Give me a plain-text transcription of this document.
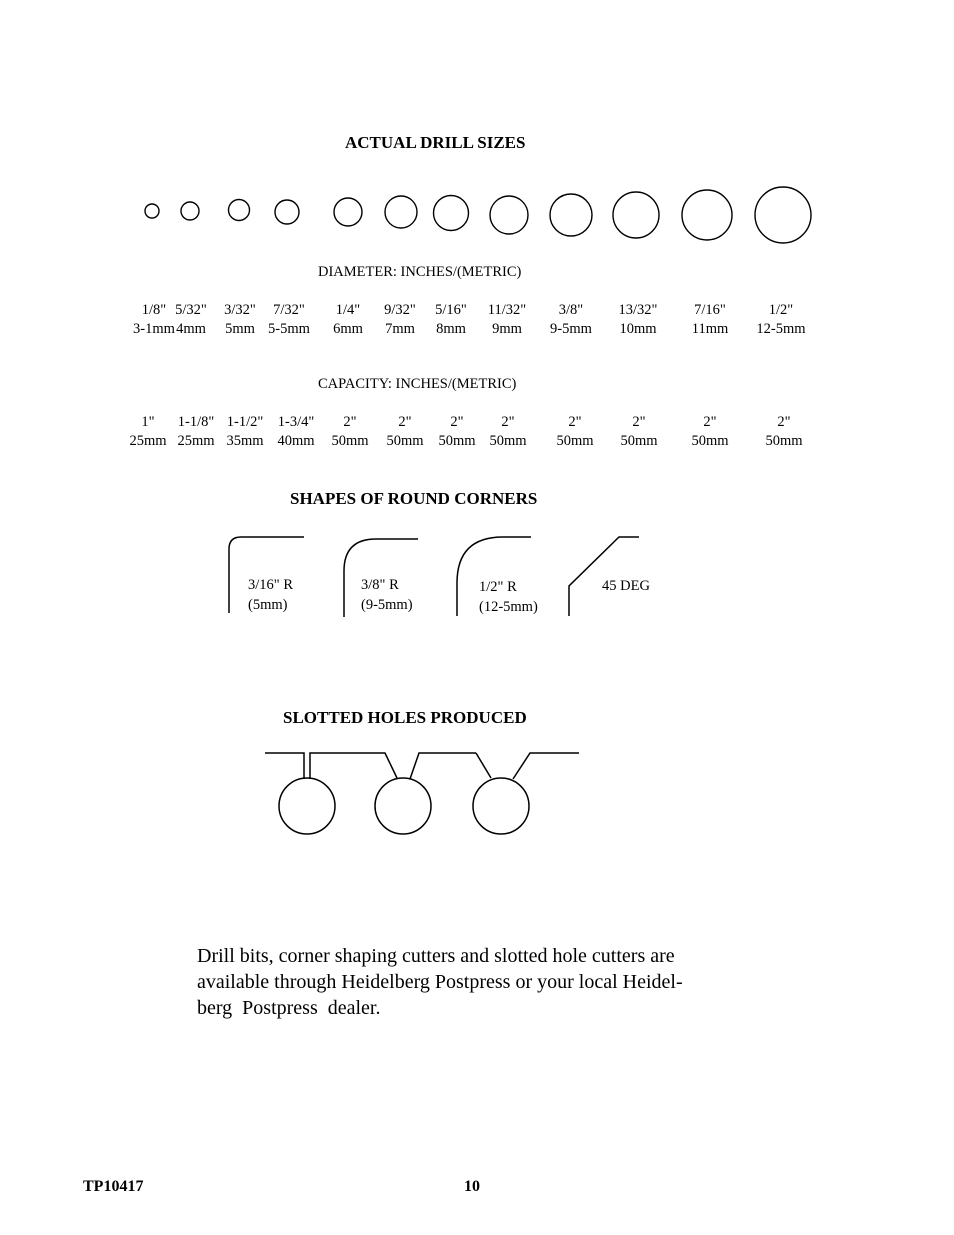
ACTUAL DRILL SIZES
DIAMETER: INCHES/(METRIC)
1/8"
3-1mm
5/32"
4mm
3/32"
5mm
7/32"
5-5mm
1/4"
6mm
9/32"
7mm
5/16"
8mm
11/32"
9mm
3/8"
9-5mm
13/32"
10mm
7/16"
11mm
1/2"
12-5mm
CAPACITY: INCHES/(METRIC)
1"
25mm
1-1/8"
25mm
1-1/2"
35mm
1-3/4"
40mm
2"
50mm
2"
50mm
2"
50mm
2"
50mm
2"
50mm
2"
50mm
2"
50mm
2"
50mm
SHAPES OF ROUND CORNERS
3/16" R
(5mm)
3/8" R
(9-5mm)
1/2" R
(12-5mm)
45 DEG
SLOTTED HOLES PRODUCED
Drill bits, corner shaping cutters and slotted hole cutters are
available through Heidelberg Postpress or your local Heidel-
berg  Postpress  dealer.
TP10417	10
